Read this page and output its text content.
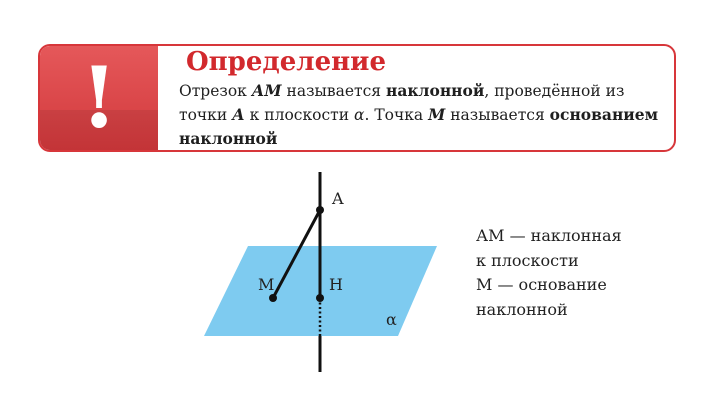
!	Определение
Отрезок АМ называется наклонной, проведённой из точки А к плоскости α. Точка М называется основанием наклонной
A
M	H
α
АМ — наклонная
к плоскости
М — основание
наклонной
